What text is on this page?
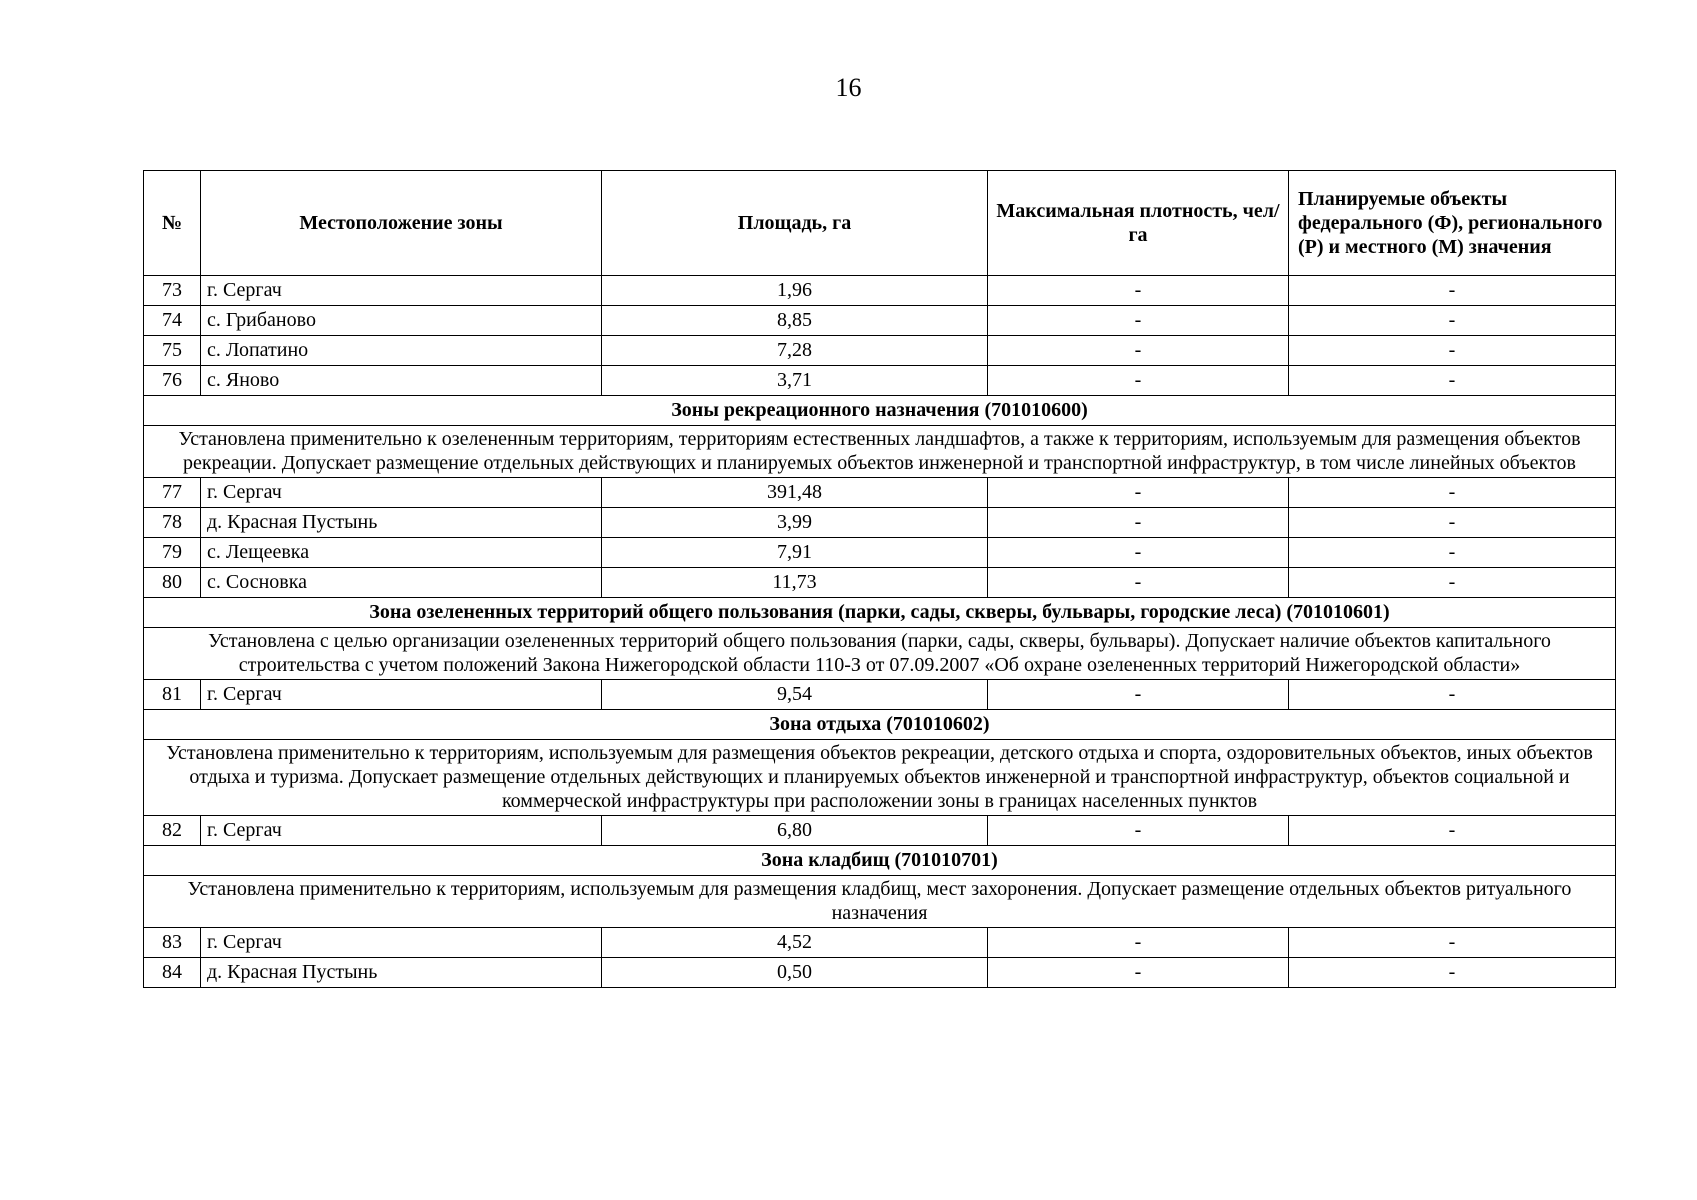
16
№	Местоположение зоны	Площадь, га	Максимальная плотность, чел/га	Планируемые объекты федерального (Ф), регионального (Р) и местного (М) значения
73	г. Сергач	1,96	-	-
74	с. Грибаново	8,85	-	-
75	с. Лопатино	7,28	-	-
76	с. Яново	3,71	-	-
Зоны рекреационного назначения (701010600)				
Установлена применительно к озелененным территориям, территориям естественных ландшафтов, а также к территориям, используемым для размещения объектов рекреации. Допускает размещение отдельных действующих и планируемых объектов инженерной и транспортной инфраструктур, в том числе линейных объектов				
77	г. Сергач	391,48	-	-
78	д. Красная Пустынь	3,99	-	-
79	с. Лещеевка	7,91	-	-
80	с. Сосновка	11,73	-	-
Зона озелененных территорий общего пользования (парки, сады, скверы, бульвары, городские леса) (701010601)				
Установлена с целью организации озелененных территорий общего пользования (парки, сады, скверы, бульвары). Допускает наличие объектов капитального строительства с учетом положений Закона Нижегородской области 110-З от 07.09.2007 «Об охране озелененных территорий Нижегородской области»				
81	г. Сергач	9,54	-	-
Зона отдыха (701010602)				
Установлена применительно к территориям, используемым для размещения объектов рекреации, детского отдыха и спорта, оздоровительных объектов, иных объектов отдыха и туризма. Допускает размещение отдельных действующих и планируемых объектов инженерной и транспортной инфраструктур, объектов социальной и коммерческой инфраструктуры при расположении зоны в границах населенных пунктов				
82	г. Сергач	6,80	-	-
Зона кладбищ (701010701)				
Установлена применительно к территориям, используемым для размещения кладбищ, мест захоронения. Допускает размещение отдельных объектов ритуального назначения				
83	г. Сергач	4,52	-	-
84	д. Красная Пустынь	0,50	-	-
